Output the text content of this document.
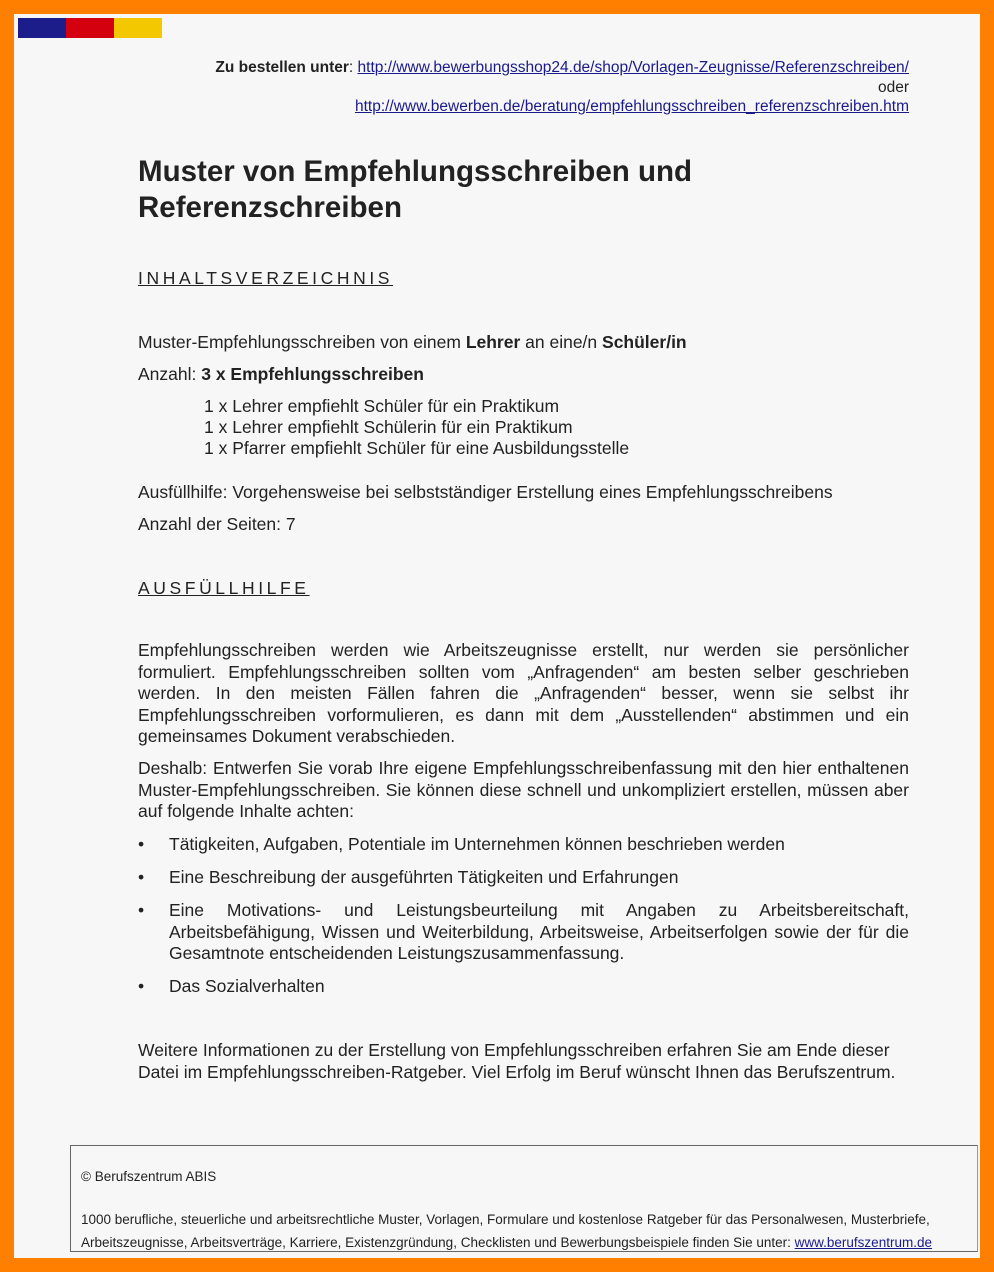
Zu bestellen unter: http://www.bewerbungsshop24.de/shop/Vorlagen-Zeugnisse/Referenzschreiben/
oder
http://www.bewerben.de/beratung/empfehlungsschreiben_referenzschreiben.htm
Muster von Empfehlungsschreiben und
Referenzschreiben
INHALTSVERZEICHNIS
Muster-Empfehlungsschreiben von einem Lehrer an eine/n Schüler/in
Anzahl: 3 x Empfehlungsschreiben
1 x Lehrer empfiehlt Schüler für ein Praktikum
1 x Lehrer empfiehlt Schülerin für ein Praktikum
1 x Pfarrer empfiehlt Schüler für eine Ausbildungsstelle
Ausfüllhilfe: Vorgehensweise bei selbstständiger Erstellung eines Empfehlungsschreibens
Anzahl der Seiten: 7
AUSFÜLLHILFE
Empfehlungsschreiben werden wie Arbeitszeugnisse erstellt, nur werden sie persönlicher formuliert. Empfehlungsschreiben sollten vom „Anfragenden“ am besten selber geschrieben werden. In den meisten Fällen fahren die „Anfragenden“ besser, wenn sie selbst ihr Empfehlungsschreiben vorformulieren, es dann mit dem „Ausstellenden“ abstimmen und ein gemeinsames Dokument verabschieden.
Deshalb: Entwerfen Sie vorab Ihre eigene Empfehlungsschreibenfassung mit den hier enthaltenen Muster-Empfehlungsschreiben. Sie können diese schnell und unkompliziert erstellen, müssen aber auf folgende Inhalte achten:
• Tätigkeiten, Aufgaben, Potentiale im Unternehmen können beschrieben werden
• Eine Beschreibung der ausgeführten Tätigkeiten und Erfahrungen
• Eine Motivations- und Leistungsbeurteilung mit Angaben zu Arbeitsbereitschaft, Arbeitsbefähigung, Wissen und Weiterbildung, Arbeitsweise, Arbeitserfolgen sowie der für die Gesamtnote entscheidenden Leistungszusammenfassung.
• Das Sozialverhalten
Weitere Informationen zu der Erstellung von Empfehlungsschreiben erfahren Sie am Ende dieser Datei im Empfehlungsschreiben-Ratgeber. Viel Erfolg im Beruf wünscht Ihnen das Berufszentrum.
© Berufszentrum ABIS
1000 berufliche, steuerliche und arbeitsrechtliche Muster, Vorlagen, Formulare und kostenlose Ratgeber für das Personalwesen, Musterbriefe, Arbeitszeugnisse, Arbeitsverträge, Karriere, Existenzgründung, Checklisten und Bewerbungsbeispiele finden Sie unter: www.berufszentrum.de
